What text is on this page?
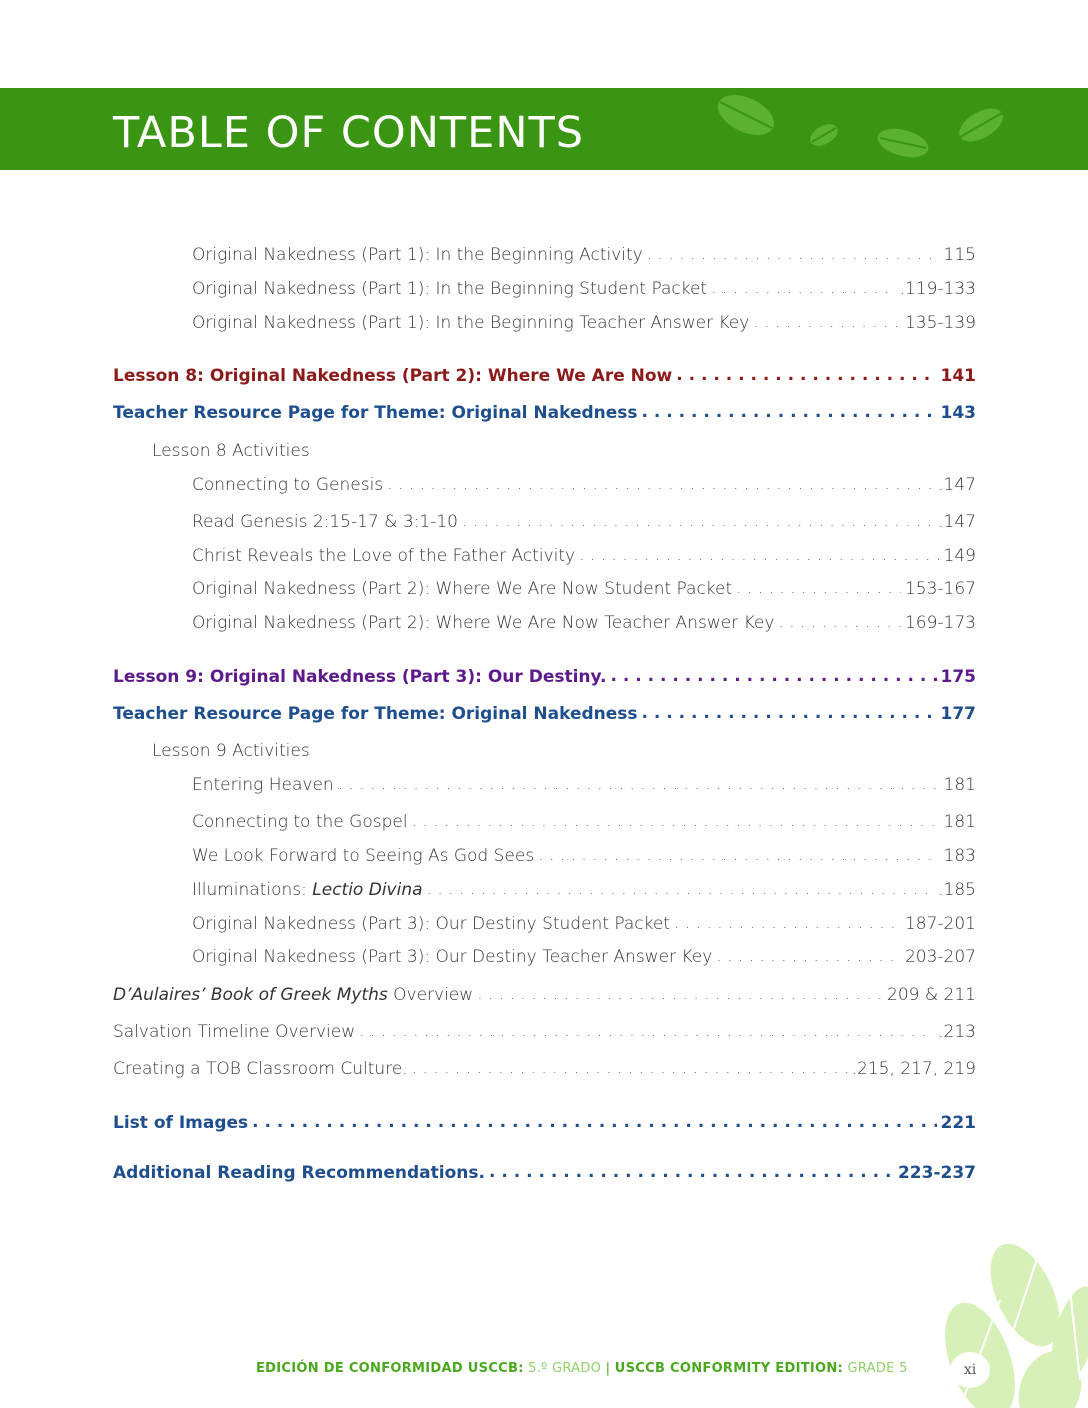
TABLE OF CONTENTS
Original Nakedness (Part 1): In the Beginning Activity . . .	115
Original Nakedness (Part 1): In the Beginning Student Packet . . .	.119-133
Original Nakedness (Part 1): In the Beginning Teacher Answer Key . . .	135-139
Lesson 8: Original Nakedness (Part 2): Where We Are Now . . .	141
Teacher Resource Page for Theme: Original Nakedness . . .	143
Lesson 8 Activities
Connecting to Genesis . . .	.147
Read Genesis 2:15-17 & 3:1-10 . . .	.147
Christ Reveals the Love of the Father Activity . . .	149
Original Nakedness (Part 2): Where We Are Now Student Packet . . .	153-167
Original Nakedness (Part 2): Where We Are Now Teacher Answer Key . . .	169-173
Lesson 9: Original Nakedness (Part 3): Our Destiny. . . .	175
Teacher Resource Page for Theme: Original Nakedness . . .	177
Lesson 9 Activities
Entering Heaven . . .	181
Connecting to the Gospel . . .	181
We Look Forward to Seeing As God Sees . . .	183
Illuminations: Lectio Divina . . .	.185
Original Nakedness (Part 3): Our Destiny Student Packet . . .	187-201
Original Nakedness (Part 3): Our Destiny Teacher Answer Key . . .	203-207
D’Aulaires’ Book of Greek Myths Overview . . .	209 & 211
Salvation Timeline Overview . . .	.213
Creating a TOB Classroom Culture. . . .	.215, 217, 219
List of Images . . .	221
Additional Reading Recommendations. . . .	223-237
EDICIÓN DE CONFORMIDAD USCCB: 5.º GRADO | USCCB CONFORMITY EDITION: GRADE 5	xi
